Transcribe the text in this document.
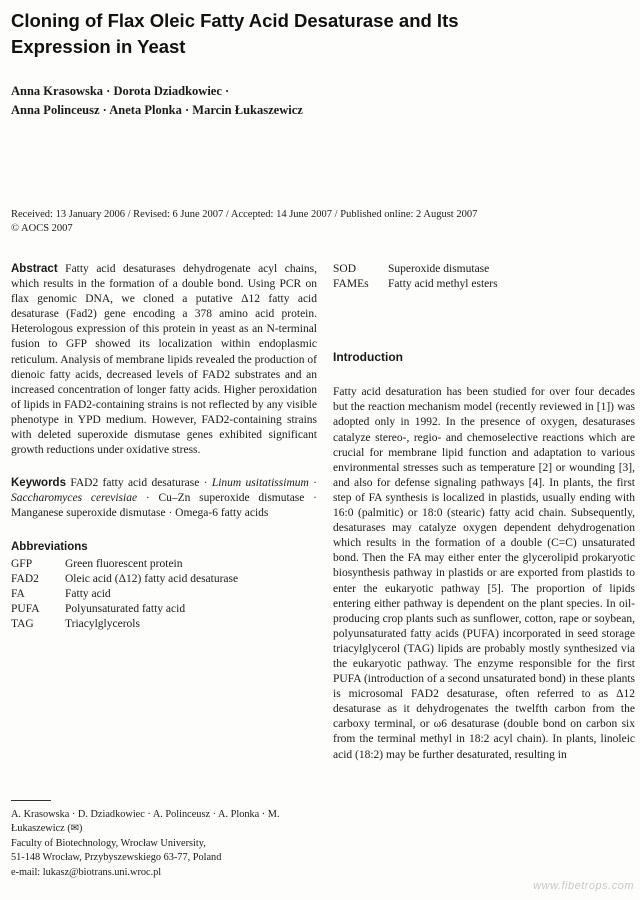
Cloning of Flax Oleic Fatty Acid Desaturase and Its Expression in Yeast
Anna Krasowska · Dorota Dziadkowiec ·
Anna Polinceusz · Aneta Plonka · Marcin Łukaszewicz
Received: 13 January 2006 / Revised: 6 June 2007 / Accepted: 14 June 2007 / Published online: 2 August 2007
© AOCS 2007

Abstract Fatty acid desaturases dehydrogenate acyl chains, which results in the formation of a double bond. Using PCR on flax genomic DNA, we cloned a putative Δ12 fatty acid desaturase (Fad2) gene encoding a 378 amino acid protein. Heterologous expression of this protein in yeast as an N-terminal fusion to GFP showed its localization within endoplasmic reticulum. Analysis of membrane lipids revealed the production of dienoic fatty acids, decreased levels of FAD2 substrates and an increased concentration of longer fatty acids. Higher peroxidation of lipids in FAD2-containing strains is not reflected by any visible phenotype in YPD medium. However, FAD2-containing strains with deleted superoxide dismutase genes exhibited significant growth reductions under oxidative stress.

Keywords FAD2 fatty acid desaturase · Linum usitatissimum · Saccharomyces cerevisiae · Cu–Zn superoxide dismutase · Manganese superoxide dismutase · Omega-6 fatty acids

Abbreviations
GFP	Green fluorescent protein
FAD2	Oleic acid (Δ12) fatty acid desaturase
FA	Fatty acid
PUFA	Polyunsaturated fatty acid
TAG	Triacylglycerols
A. Krasowska · D. Dziadkowiec · A. Polinceusz · A. Plonka · M. Łukaszewicz (✉)
Faculty of Biotechnology, Wrocław University,
51-148 Wrocław, Przybyszewskiego 63-77, Poland
e-mail: lukasz@biotrans.uni.wroc.pl
SOD	Superoxide dismutase
FAMEs	Fatty acid methyl esters
Introduction

Fatty acid desaturation has been studied for over four decades but the reaction mechanism model (recently reviewed in [1]) was adopted only in 1992. In the presence of oxygen, desaturases catalyze stereo-, regio- and chemoselective reactions which are crucial for membrane lipid function and adaptation to various environmental stresses such as temperature [2] or wounding [3], and also for defense signaling pathways [4]. In plants, the first step of FA synthesis is localized in plastids, usually ending with 16:0 (palmitic) or 18:0 (stearic) fatty acid chain. Subsequently, desaturases may catalyze oxygen dependent dehydrogenation which results in the formation of a double (C=C) unsaturated bond. Then the FA may either enter the glycerolipid prokaryotic biosynthesis pathway in plastids or are exported from plastids to enter the eukaryotic pathway [5]. The proportion of lipids entering either pathway is dependent on the plant species. In oil-producing crop plants such as sunflower, cotton, rape or soybean, polyunsaturated fatty acids (PUFA) incorporated in seed storage triacylglycerol (TAG) lipids are probably mostly synthesized via the eukaryotic pathway. The enzyme responsible for the first PUFA (introduction of a second unsaturated bond) in these plants is microsomal FAD2 desaturase, often referred to as Δ12 desaturase as it dehydrogenates the twelfth carbon from the carboxy terminal, or ω6 desaturase (double bond on carbon six from the terminal methyl in 18:2 acyl chain). In plants, linoleic acid (18:2) may be further desaturated, resulting in

www.fibetrops.com
